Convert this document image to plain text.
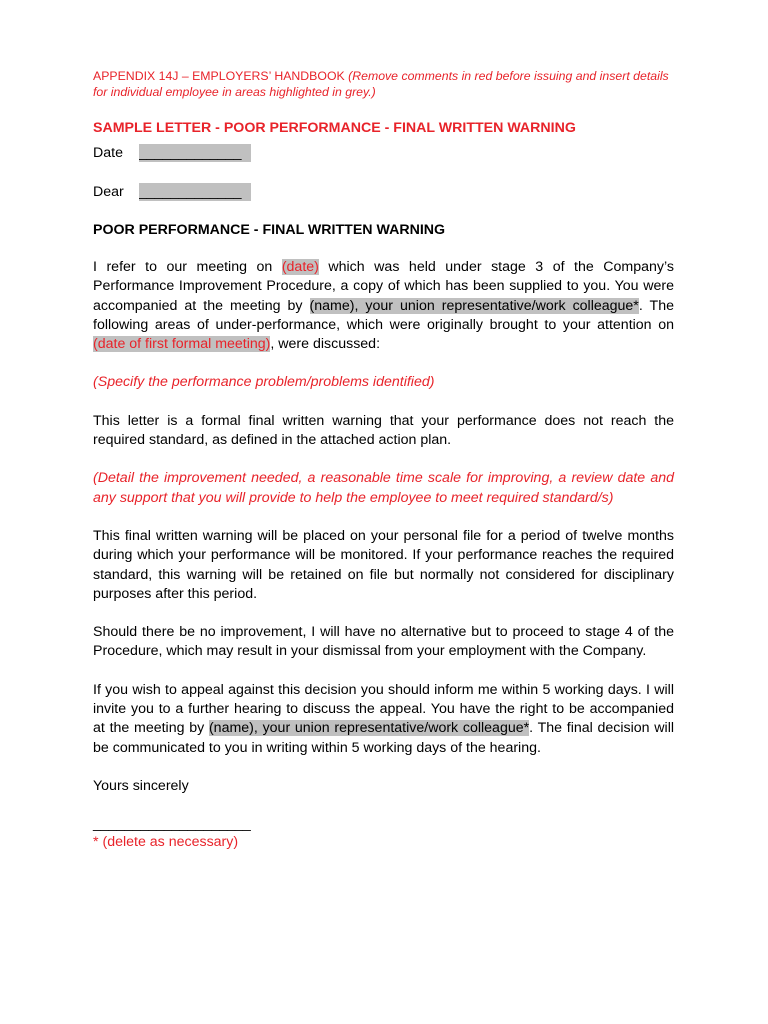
APPENDIX 14J – EMPLOYERS’ HANDBOOK (Remove comments in red before issuing and insert details for individual employee in areas highlighted in grey.)

SAMPLE LETTER - POOR PERFORMANCE - FINAL WRITTEN WARNING
Date	_____________
Dear	_____________
POOR PERFORMANCE - FINAL WRITTEN WARNING

I refer to our meeting on (date) which was held under stage 3 of the Company’s Performance Improvement Procedure, a copy of which has been supplied to you. You were accompanied at the meeting by (name), your union representative/work colleague*. The following areas of under-performance, which were originally brought to your attention on (date of first formal meeting), were discussed:

(Specify the performance problem/problems identified)

This letter is a formal final written warning that your performance does not reach the required standard, as defined in the attached action plan.

(Detail the improvement needed, a reasonable time scale for improving, a review date and any support that you will provide to help the employee to meet required standard/s)

This final written warning will be placed on your personal file for a period of twelve months during which your performance will be monitored. If your performance reaches the required standard, this warning will be retained on file but normally not considered for disciplinary purposes after this period.

Should there be no improvement, I will have no alternative but to proceed to stage 4 of the Procedure, which may result in your dismissal from your employment with the Company.

If you wish to appeal against this decision you should inform me within 5 working days. I will invite you to a further hearing to discuss the appeal. You have the right to be accompanied at the meeting by (name), your union representative/work colleague*. The final decision will be communicated to you in writing within 5 working days of the hearing.

Yours sincerely
____________________

* (delete as necessary)
